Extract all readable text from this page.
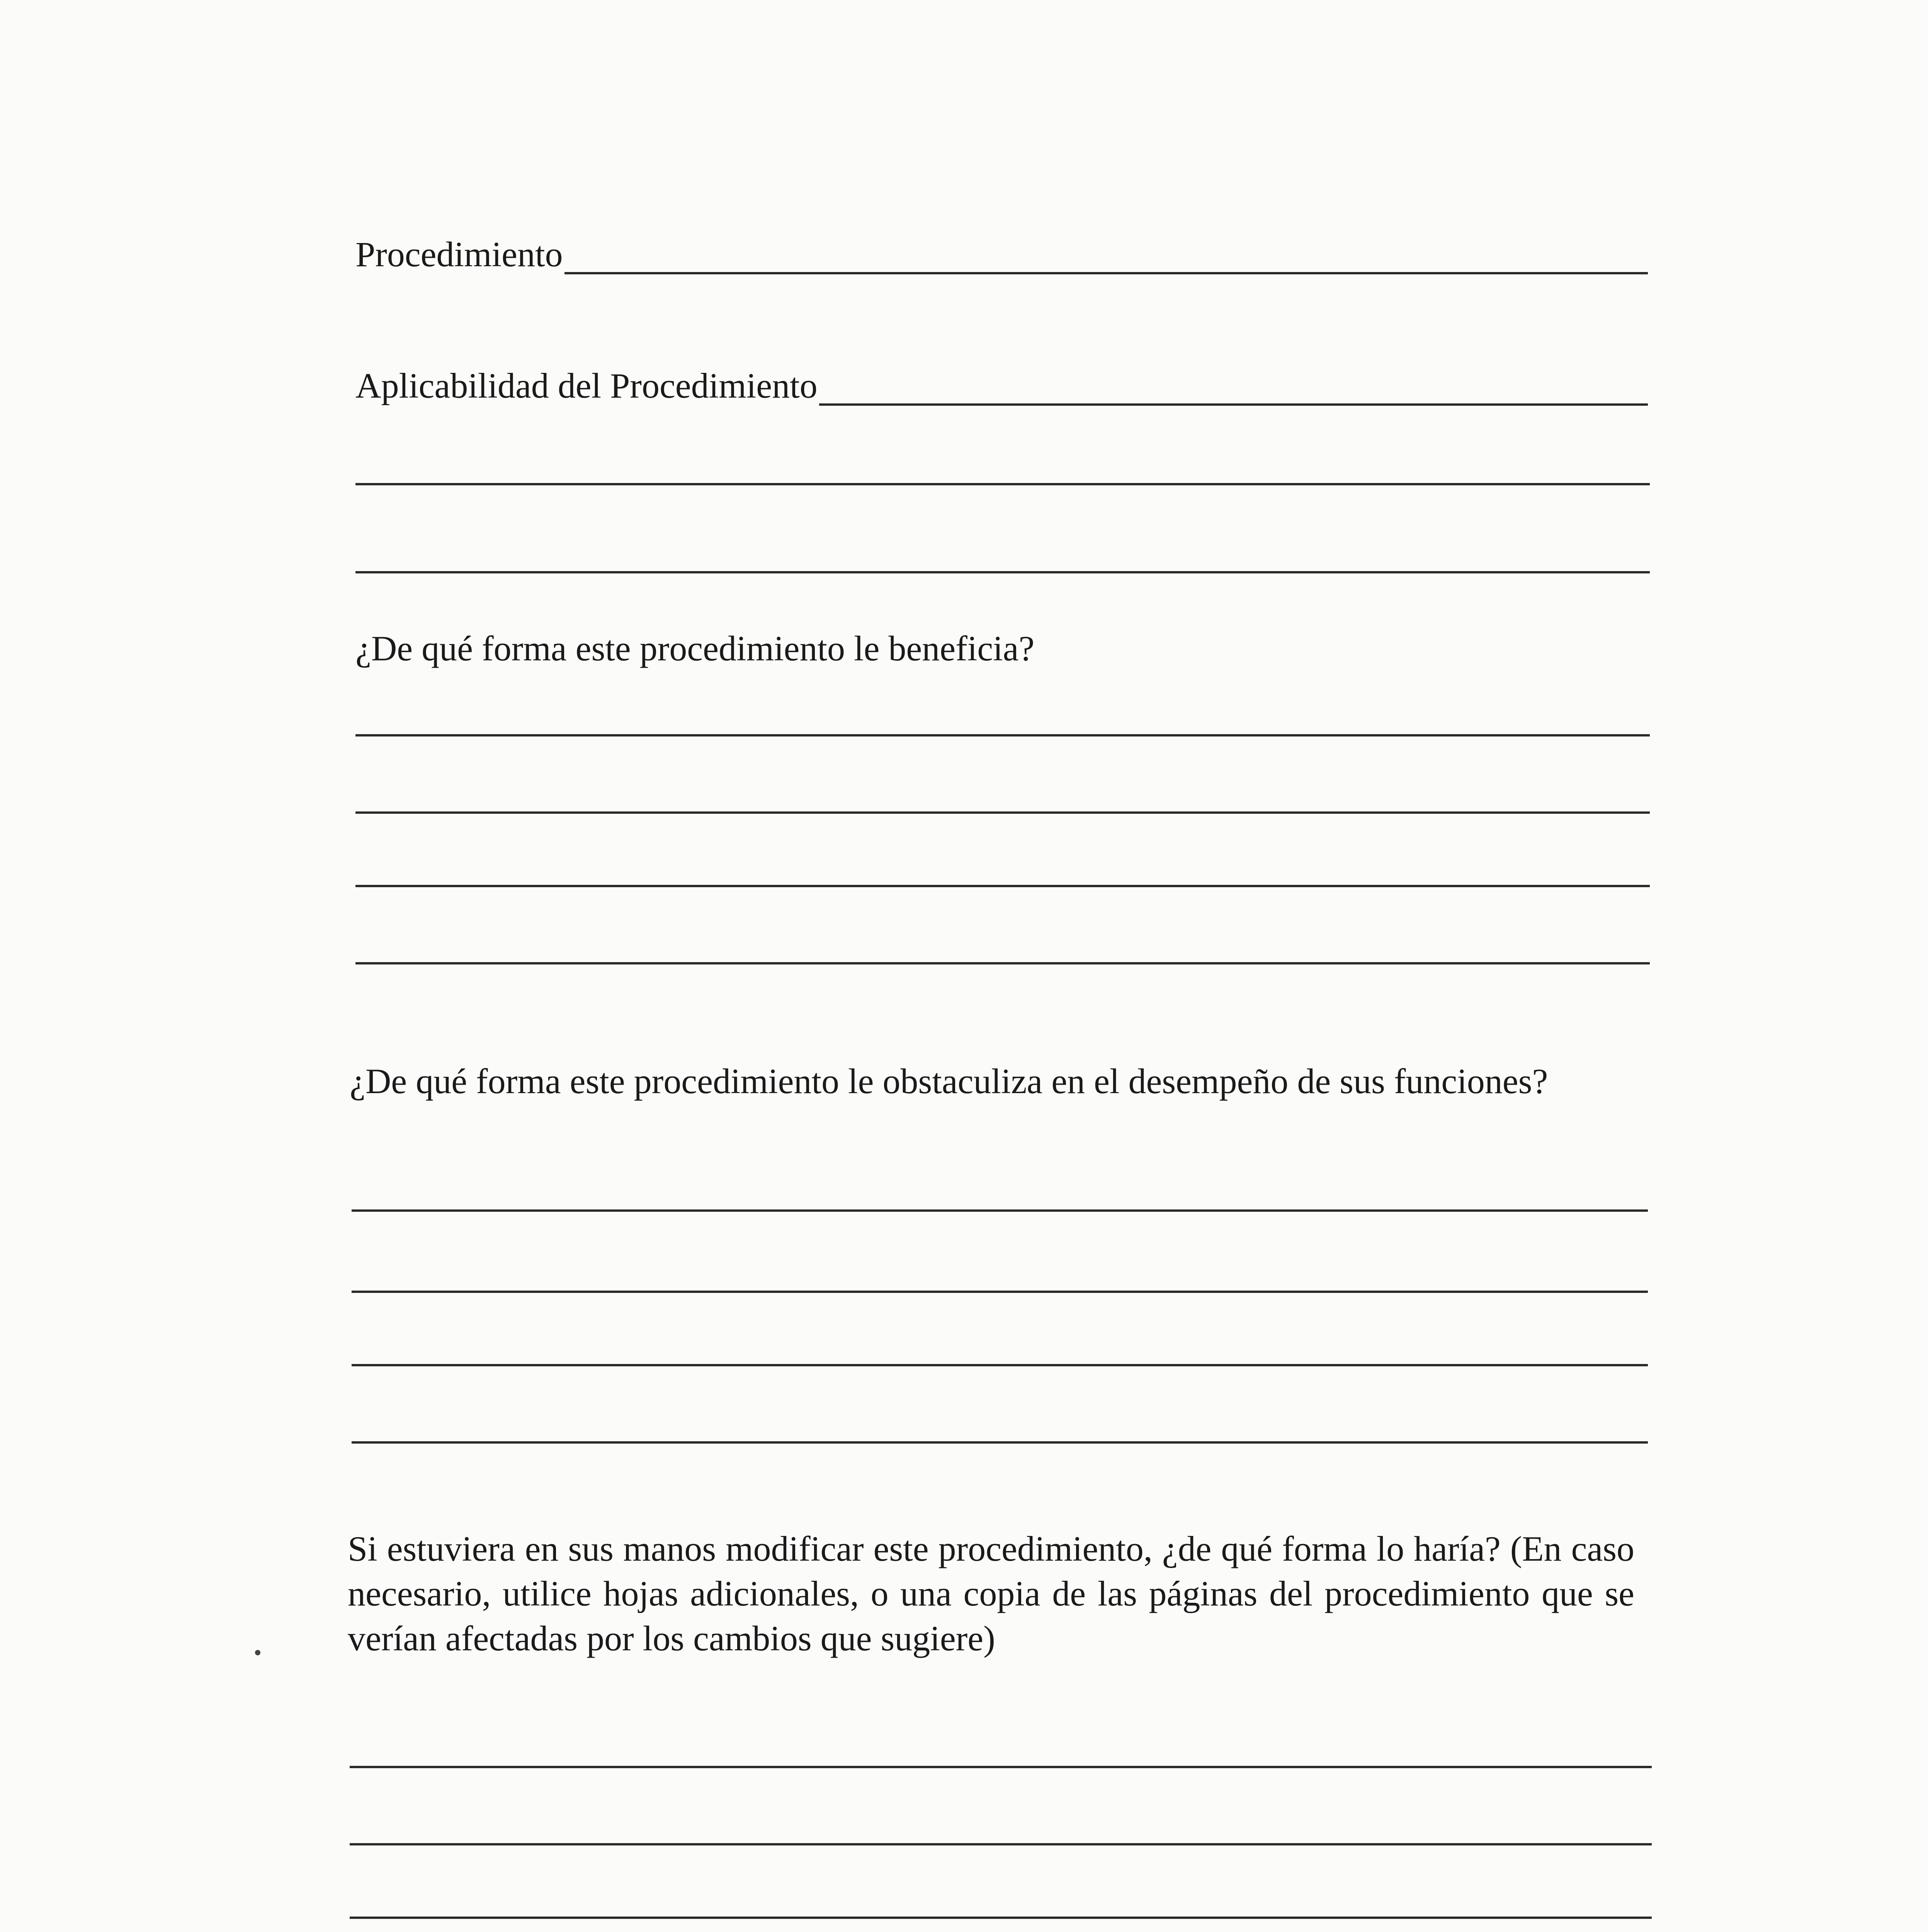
Procedimiento
Aplicabilidad del Procedimiento
¿De qué forma este procedimiento le beneficia?
¿De qué forma este procedimiento le obstaculiza en el desempeño de sus funciones?
Si estuviera en sus manos modificar este procedimiento, ¿de qué forma lo haría? (En caso necesario, utilice hojas adicionales, o una copia de las páginas del procedimiento que se verían afectadas por los cambios que sugiere)
